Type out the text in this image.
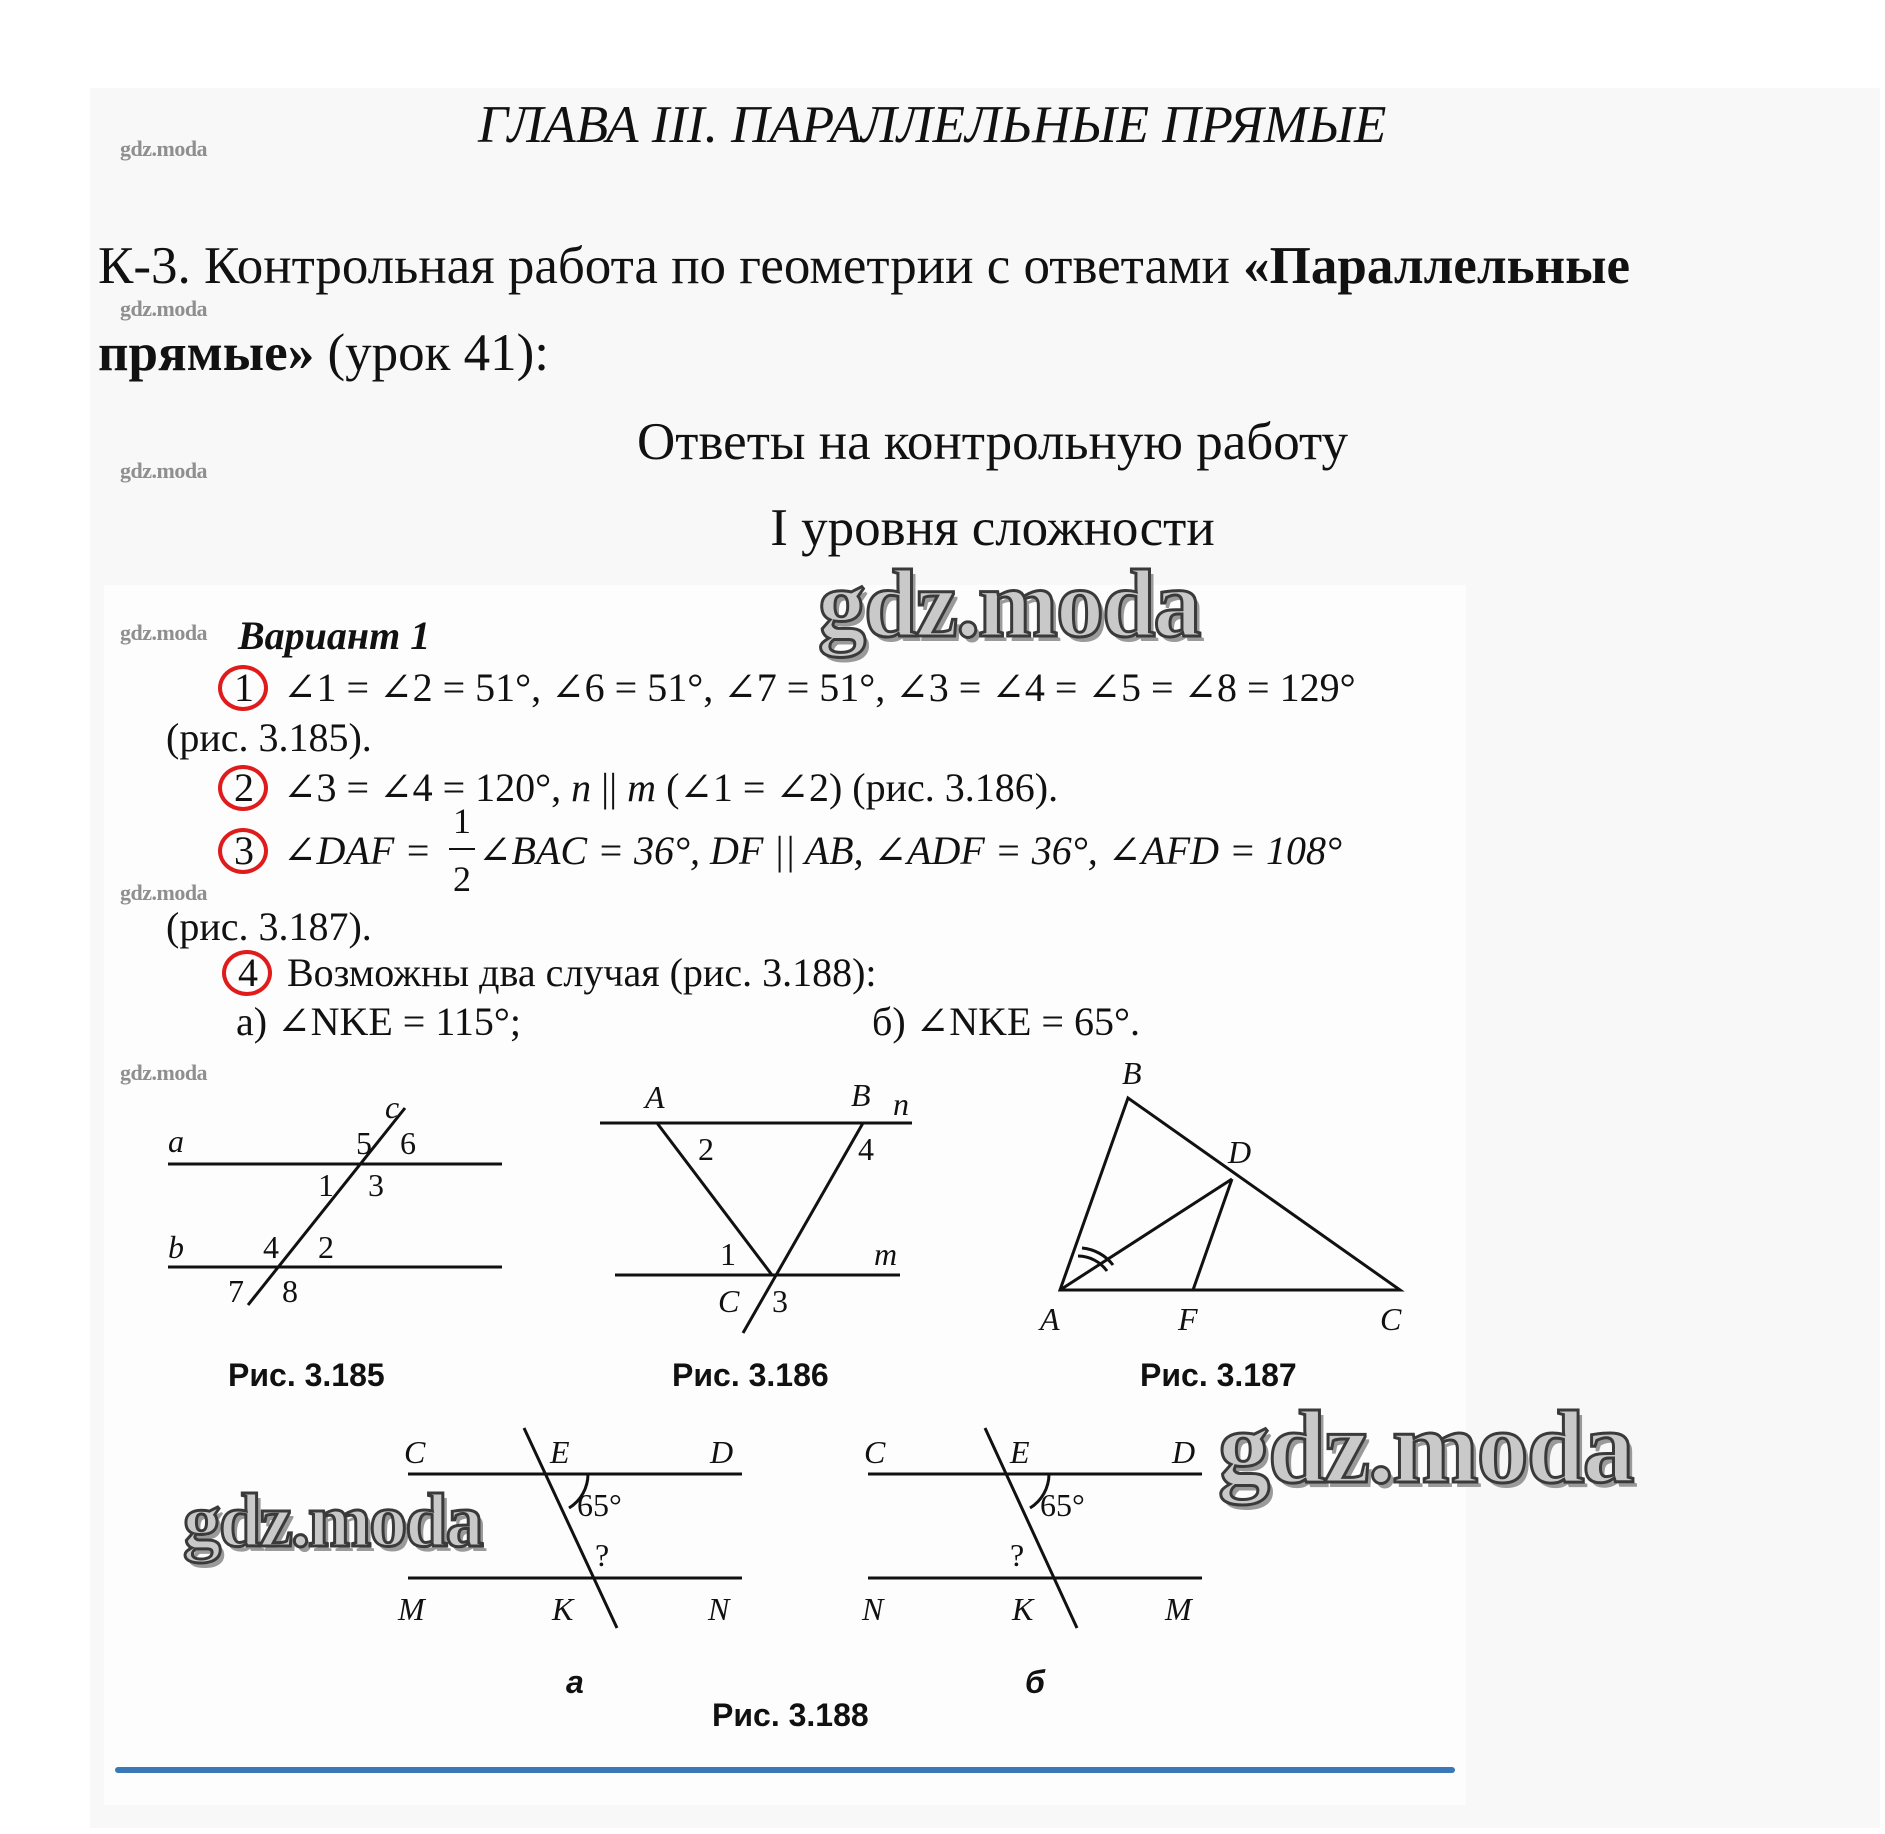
gdz.moda
gdz.moda
gdz.moda
gdz.moda
gdz.moda
gdz.moda
ГЛАВА III. ПАРАЛЛЕЛЬНЫЕ ПРЯМЫЕ
К-3. Контрольная работа по геометрии с ответами «Параллельные
прямые» (урок 41):
Ответы на контрольную работу
I уровня сложности
Вариант 1
1 ∠1 = ∠2 = 51°, ∠6 = 51°, ∠7 = 51°, ∠3 = ∠4 = ∠5 = ∠8 = 129°
(рис. 3.185).
2 ∠3 = ∠4 = 120°, n || m (∠1 = ∠2) (рис. 3.186).
3 ∠DAF =
1
2
∠BAC = 36°, DF || AB, ∠ADF = 36°, ∠AFD = 108°
(рис. 3.187).
4 Возможны два случая (рис. 3.188):
а) ∠NKE = 115°;	б) ∠NKE = 65°.
a
b
c
5 6
1 3
4 2
7 8
A	B n
2	4
1	m
C 3
B
D
A	F	C
C	E	D
65°
?
M	K	N
C	E	D
65°
?
N	K	M
Рис. 3.185	Рис. 3.186	Рис. 3.187
а	б
Рис. 3.188
gdz.moda
gdz.moda
gdz.moda
